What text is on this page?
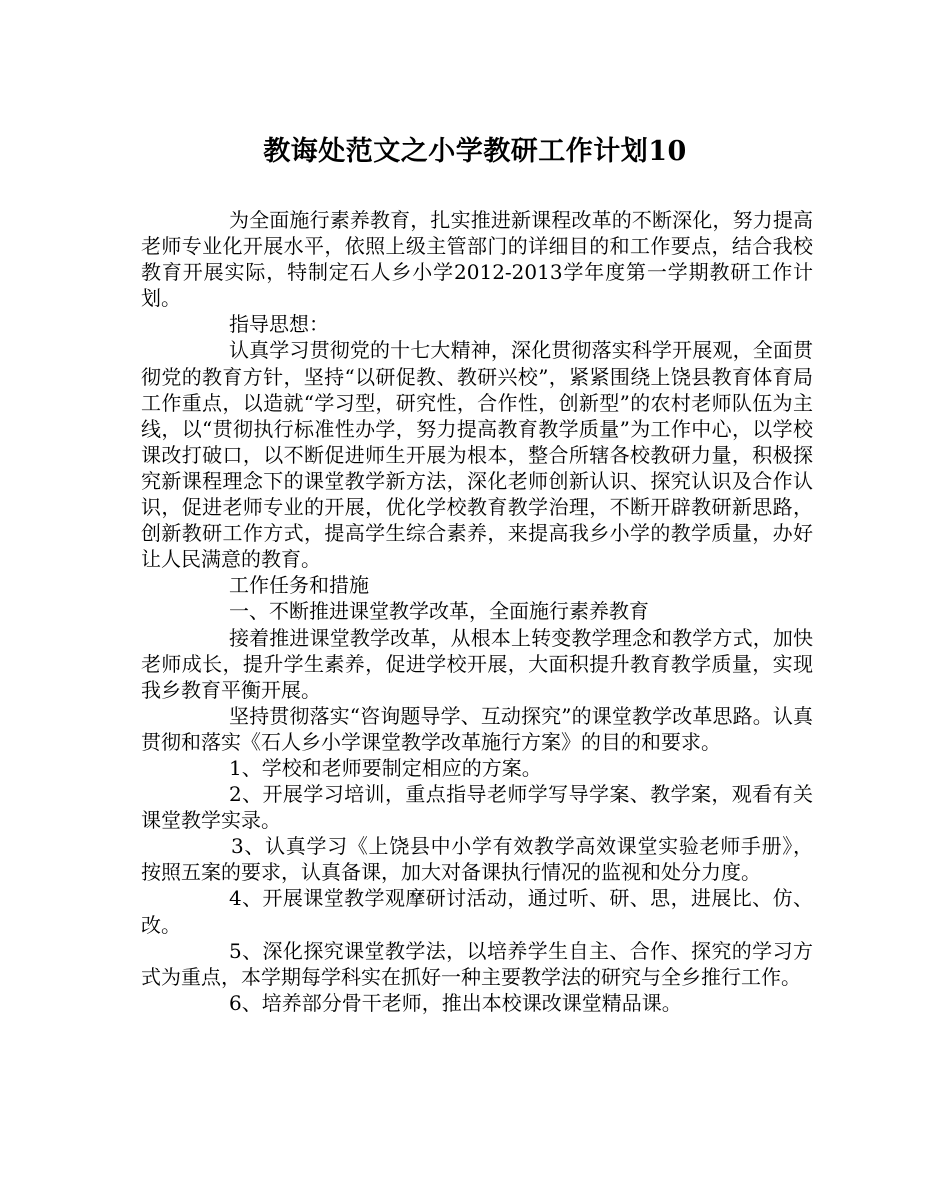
教诲处范文之小学教研工作计划10

为全面施行素养教育，扎实推进新课程改革的不断深化，努力提高老师专业化开展水平，依照上级主管部门的详细目的和工作要点，结合我校教育开展实际，特制定石人乡小学2012-2013学年度第一学期教研工作计划。

指导思想：

认真学习贯彻党的十七大精神，深化贯彻落实科学开展观，全面贯彻党的教育方针，坚持“以研促教、教研兴校”，紧紧围绕上饶县教育体育局工作重点，以造就“学习型，研究性，合作性，创新型”的农村老师队伍为主线，以“贯彻执行标准性办学，努力提高教育教学质量”为工作中心，以学校课改打破口，以不断促进师生开展为根本，整合所辖各校教研力量，积极探究新课程理念下的课堂教学新方法，深化老师创新认识、探究认识及合作认识，促进老师专业的开展，优化学校教育教学治理，不断开辟教研新思路，创新教研工作方式，提高学生综合素养，来提高我乡小学的教学质量，办好让人民满意的教育。

工作任务和措施

一、不断推进课堂教学改革，全面施行素养教育

接着推进课堂教学改革，从根本上转变教学理念和教学方式，加快老师成长，提升学生素养，促进学校开展，大面积提升教育教学质量，实现我乡教育平衡开展。

坚持贯彻落实“咨询题导学、互动探究”的课堂教学改革思路。认真贯彻和落实《石人乡小学课堂教学改革施行方案》的目的和要求。

1、学校和老师要制定相应的方案。

2、开展学习培训，重点指导老师学写导学案、教学案，观看有关课堂教学实录。

3、认真学习《上饶县中小学有效教学高效课堂实验老师手册》，按照五案的要求，认真备课，加大对备课执行情况的监视和处分力度。

4、开展课堂教学观摩研讨活动，通过听、研、思，进展比、仿、改。

5、深化探究课堂教学法，以培养学生自主、合作、探究的学习方式为重点，本学期每学科实在抓好一种主要教学法的研究与全乡推行工作。

6、培养部分骨干老师，推出本校课改课堂精品课。
